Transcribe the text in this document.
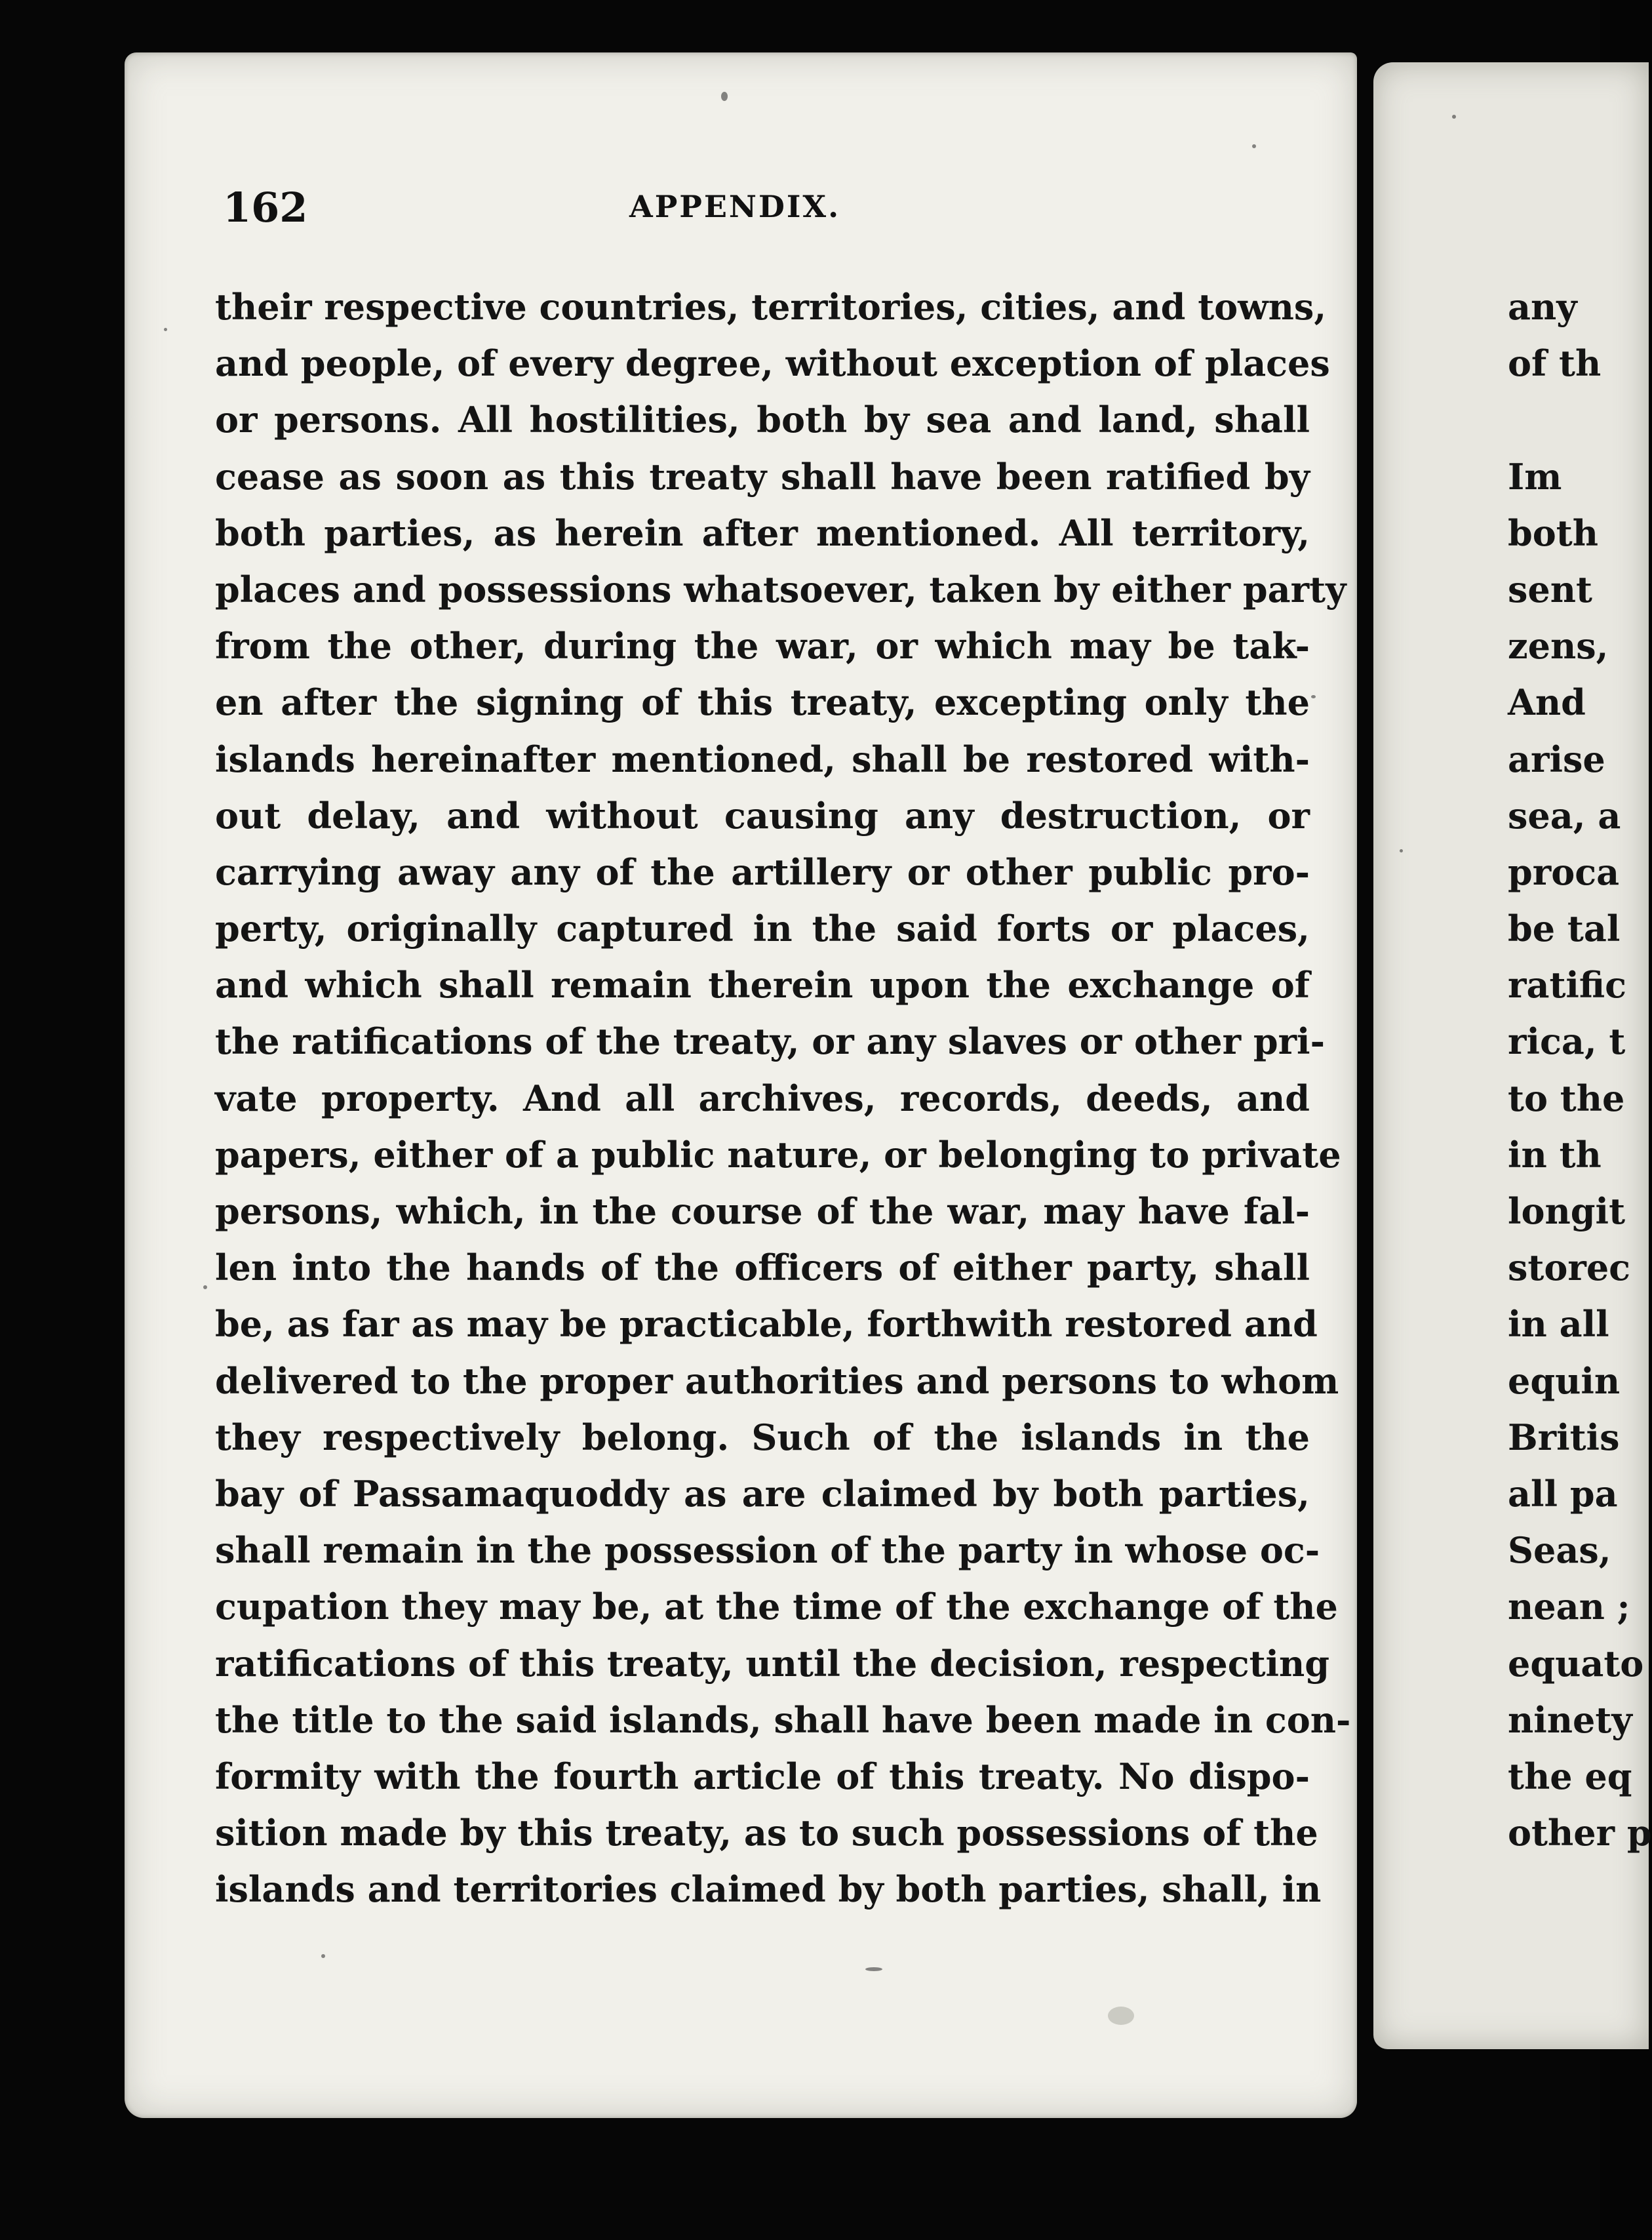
162	APPENDIX.
their respective countries, territories, cities, and towns,
and people, of every degree, without exception of places
or persons. All hostilities, both by sea and land, shall
cease as soon as this treaty shall have been ratified by
both parties, as herein after mentioned. All territory,
places and possessions whatsoever, taken by either party
from the other, during the war, or which may be tak-
en after the signing of this treaty, excepting only the
islands hereinafter mentioned, shall be restored with-
out delay, and without causing any destruction, or
carrying away any of the artillery or other public pro-
perty, originally captured in the said forts or places,
and which shall remain therein upon the exchange of
the ratifications of the treaty, or any slaves or other pri-
vate property. And all archives, records, deeds, and
papers, either of a public nature, or belonging to private
persons, which, in the course of the war, may have fal-
len into the hands of the officers of either party, shall
be, as far as may be practicable, forthwith restored and
delivered to the proper authorities and persons to whom
they respectively belong. Such of the islands in the
bay of Passamaquoddy as are claimed by both parties,
shall remain in the possession of the party in whose oc-
cupation they may be, at the time of the exchange of the
ratifications of this treaty, until the decision, respecting
the title to the said islands, shall have been made in con-
formity with the fourth article of this treaty. No dispo-
sition made by this treaty, as to such possessions of the
islands and territories claimed by both parties, shall, in
any
of th
Im
both
sent
zens,
And
arise
sea, a
proca
be tal
ratific
rica, t
to the
in th
longit
storec
in all
equin
Britis
all pa
Seas,
nean ;
equato
ninety
the eq
other p
